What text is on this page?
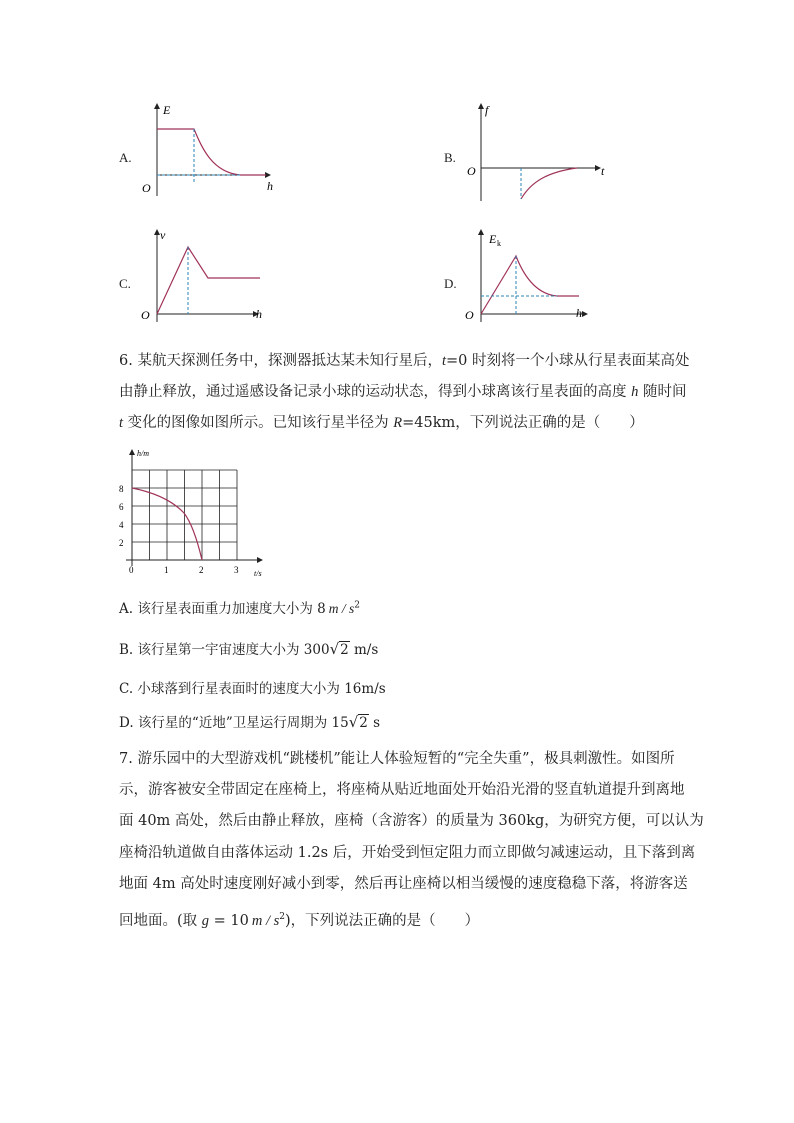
A.
E
h
O
B.
f
t
O
C.
v
h
O
D.
E k
h
O
6. 某航天探测任务中，探测器抵达某未知行星后，t=0 时刻将一个小球从行星表面某高处
由静止释放，通过遥感设备记录小球的运动状态，得到小球离该行星表面的高度 h 随时间
t 变化的图像如图所示。已知该行星半径为 R=45km，下列说法正确的是（　　）
h/m
t/s
8
6
4
2
0	1	2	3
A. 该行星表面重力加速度大小为 8 m / $s^2$
B. 该行星第一宇宙速度大小为 300√2 m/s
C. 小球落到行星表面时的速度大小为 16m/s
D. 该行星的“近地”卫星运行周期为 15√2 s
7. 游乐园中的大型游戏机“跳楼机”能让人体验短暂的“完全失重”，极具刺激性。如图所
示，游客被安全带固定在座椅上，将座椅从贴近地面处开始沿光滑的竖直轨道提升到离地
面 40m 高处，然后由静止释放，座椅（含游客）的质量为 360kg，为研究方便，可以认为
座椅沿轨道做自由落体运动 1.2s 后，开始受到恒定阻力而立即做匀减速运动，且下落到离
地面 4m 高处时速度刚好减小到零，然后再让座椅以相当缓慢的速度稳稳下落，将游客送
回地面。(取 g = 10 m / $s^2$)，下列说法正确的是（　　）
